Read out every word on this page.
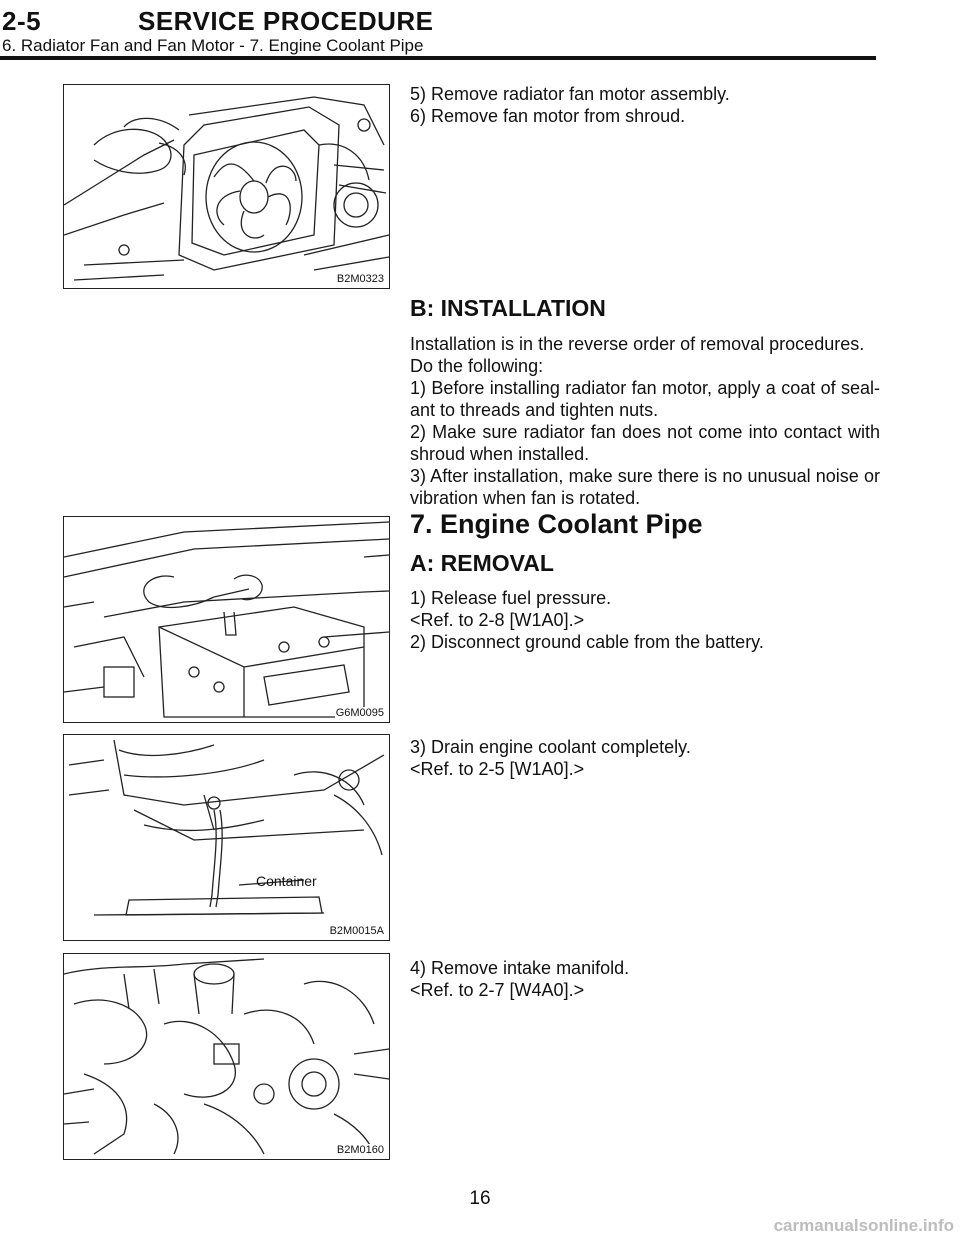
2-5	SERVICE PROCEDURE
6. Radiator Fan and Fan Motor - 7. Engine Coolant Pipe
B2M0323

5) Remove radiator fan motor assembly.

6) Remove fan motor from shroud.

B: INSTALLATION

Installation is in the reverse order of removal procedures.

Do the following:

1) Before installing radiator fan motor, apply a coat of seal-ant to threads and tighten nuts.

2) Make sure radiator fan does not come into contact with shroud when installed.

3) After installation, make sure there is no unusual noise or vibration when fan is rotated.

G6M0095
7. Engine Coolant Pipe
A: REMOVAL

1) Release fuel pressure.

<Ref. to 2-8 [W1A0].>

2) Disconnect ground cable from the battery.

Container
B2M0015A

3) Drain engine coolant completely.

<Ref. to 2-5 [W1A0].>

B2M0160

4) Remove intake manifold.

<Ref. to 2-7 [W4A0].>

16
carmanualsonline.info
